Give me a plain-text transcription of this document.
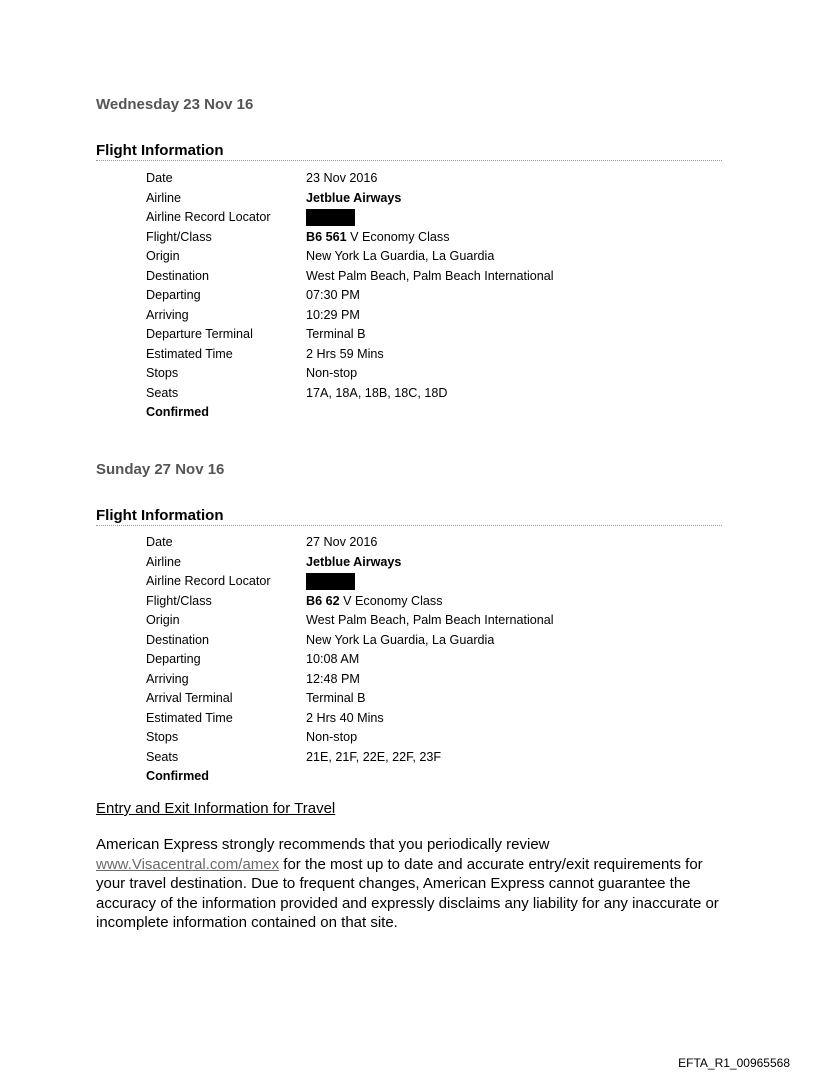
Wednesday 23 Nov 16
Flight Information
Date	23 Nov 2016
Airline	Jetblue Airways
Airline Record Locator
Flight/Class	B6 561 V Economy Class
Origin	New York La Guardia, La Guardia
Destination	West Palm Beach, Palm Beach International
Departing	07:30 PM
Arriving	10:29 PM
Departure Terminal	Terminal B
Estimated Time	2 Hrs 59 Mins
Stops	Non-stop
Seats	17A, 18A, 18B, 18C, 18D
Confirmed
Sunday 27 Nov 16
Flight Information
Date	27 Nov 2016
Airline	Jetblue Airways
Airline Record Locator
Flight/Class	B6 62 V Economy Class
Origin	West Palm Beach, Palm Beach International
Destination	New York La Guardia, La Guardia
Departing	10:08 AM
Arriving	12:48 PM
Arrival Terminal	Terminal B
Estimated Time	2 Hrs 40 Mins
Stops	Non-stop
Seats	21E, 21F, 22E, 22F, 23F
Confirmed
Entry and Exit Information for Travel
American Express strongly recommends that you periodically review www.Visacentral.com/amex for the most up to date and accurate entry/exit requirements for your travel destination. Due to frequent changes, American Express cannot guarantee the accuracy of the information provided and expressly disclaims any liability for any inaccurate or incomplete information contained on that site.
EFTA_R1_00965568
